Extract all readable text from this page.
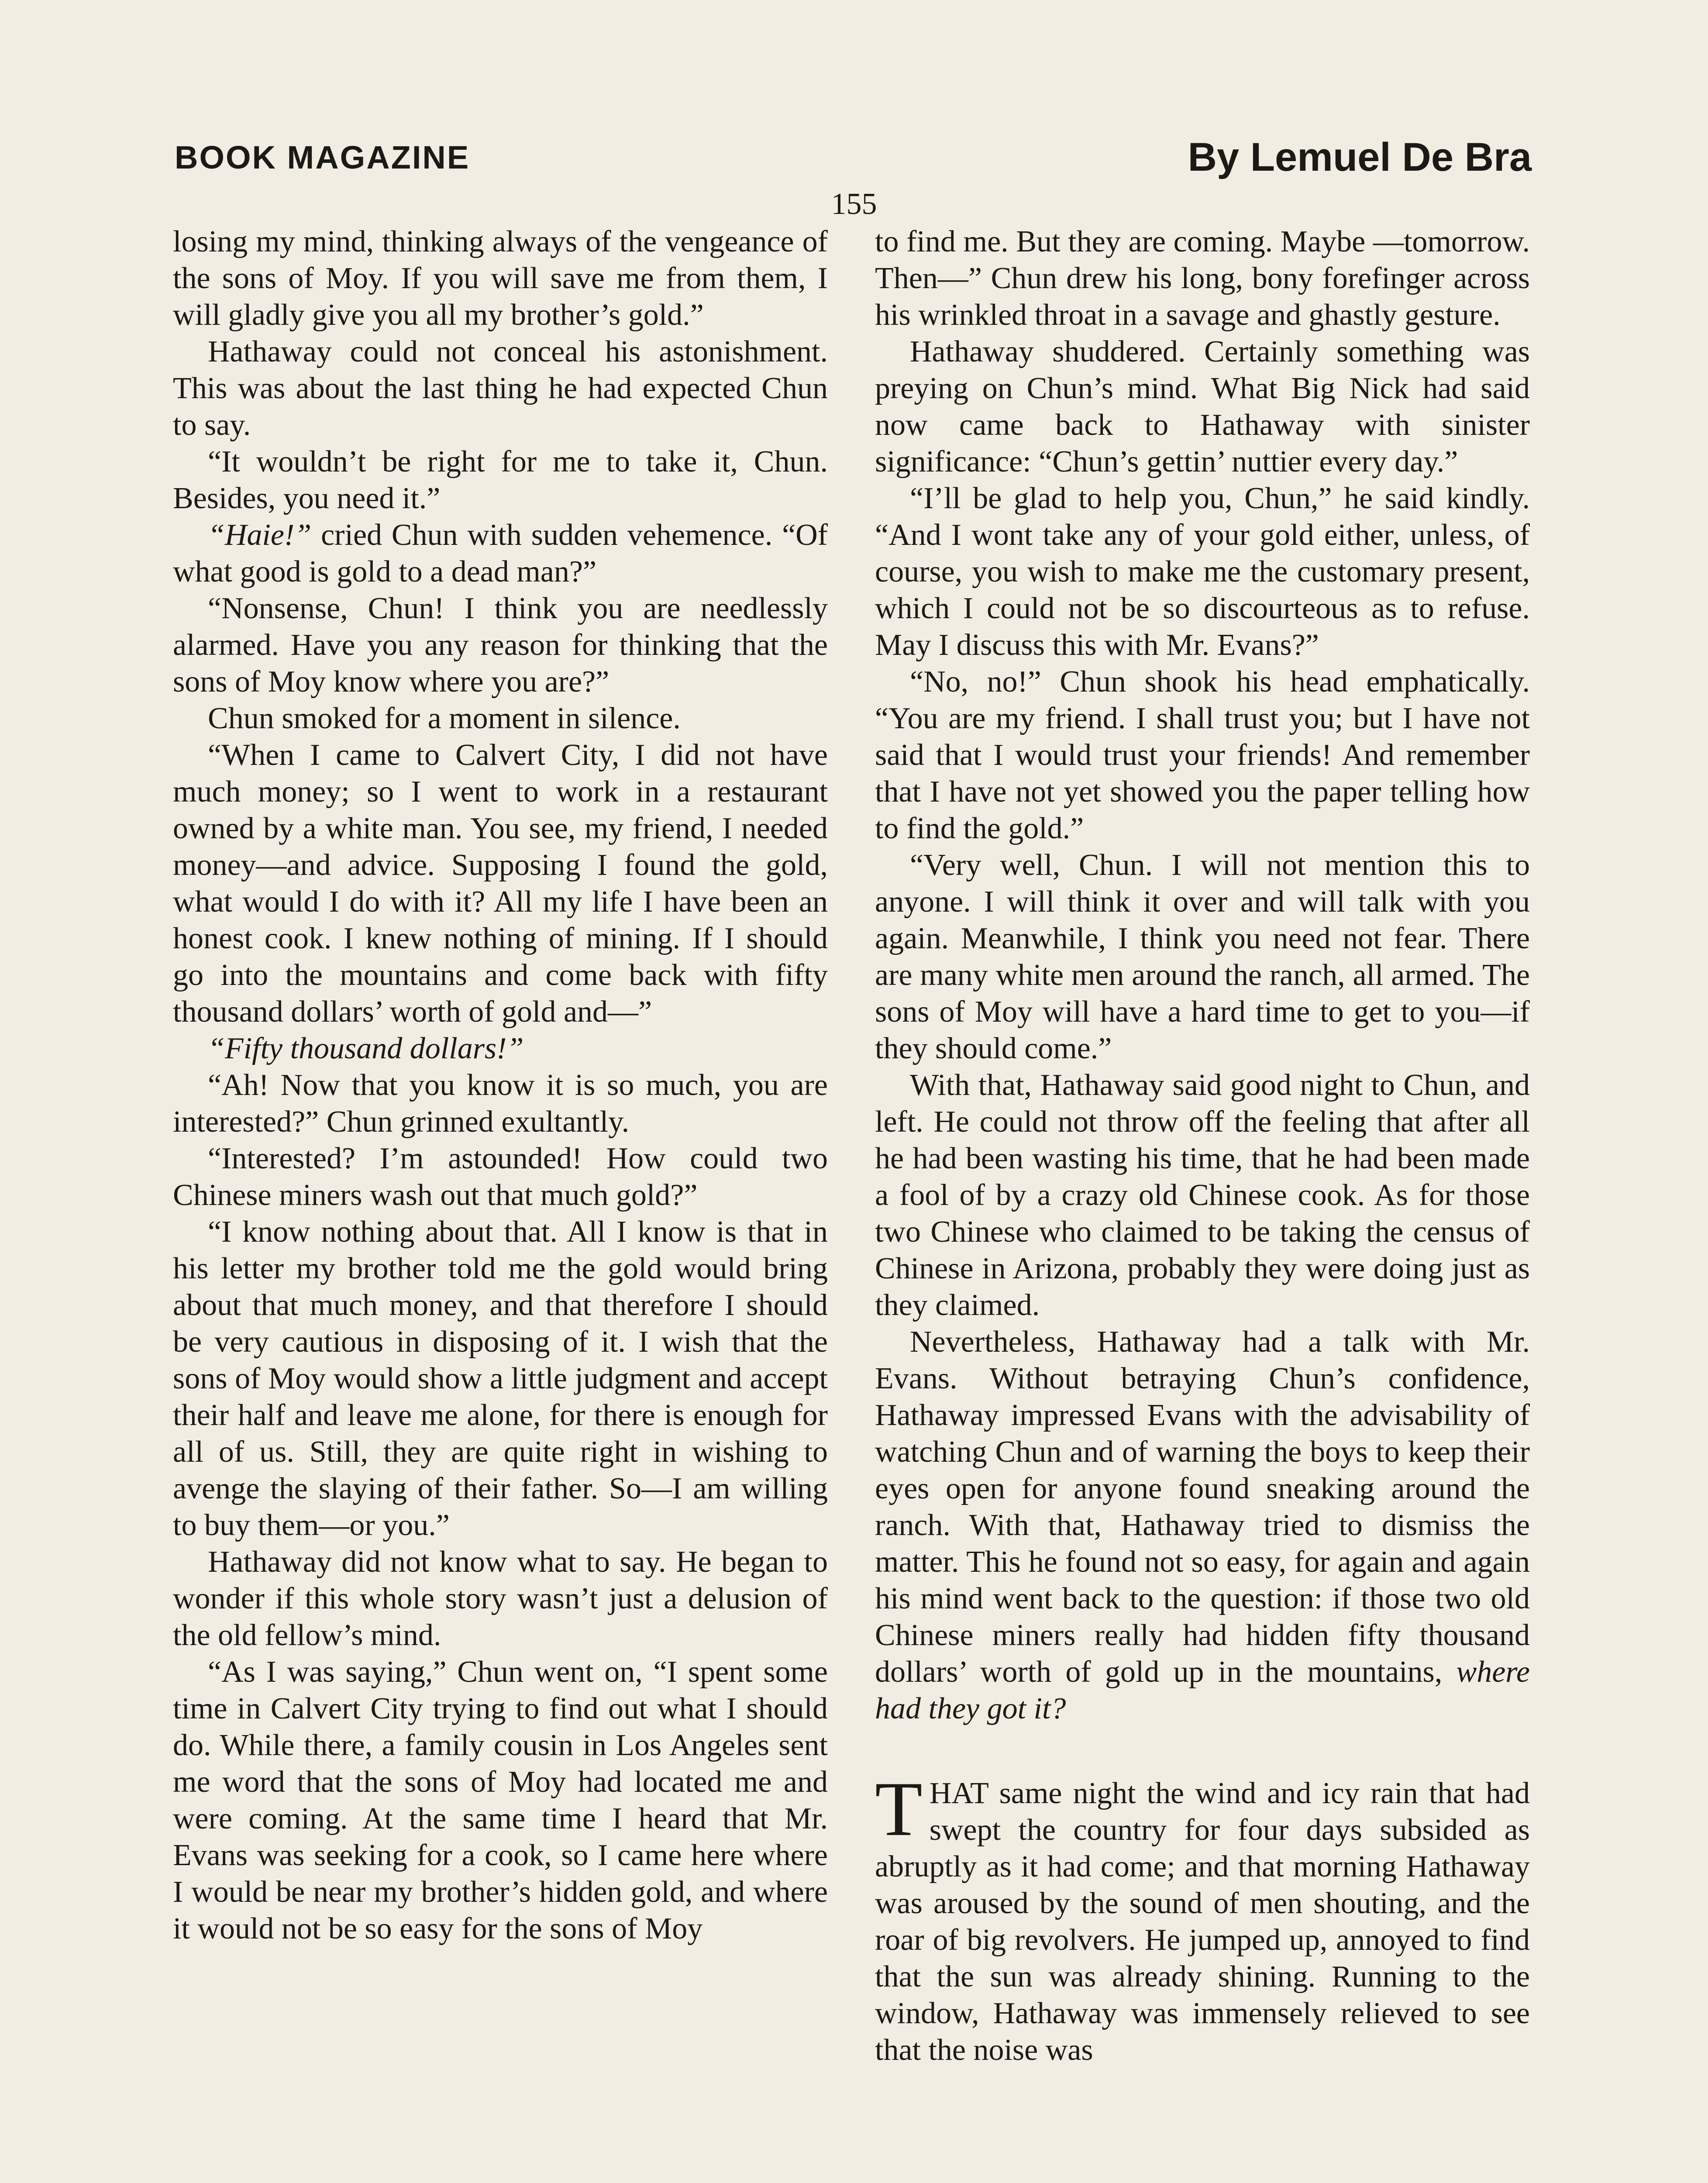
BOOK MAGAZINE	By Lemuel De Bra
155

losing my mind, thinking always of the vengeance of the sons of Moy. If you will save me from them, I will gladly give you all my brother’s gold.”

Hathaway could not conceal his astonishment. This was about the last thing he had expected Chun to say.

“It wouldn’t be right for me to take it, Chun. Besides, you need it.”

“Haie!” cried Chun with sudden vehemence. “Of what good is gold to a dead man?”

“Nonsense, Chun! I think you are needlessly alarmed. Have you any reason for thinking that the sons of Moy know where you are?”

Chun smoked for a moment in silence.

“When I came to Calvert City, I did not have much money; so I went to work in a restaurant owned by a white man. You see, my friend, I needed money—and advice. Supposing I found the gold, what would I do with it? All my life I have been an honest cook. I knew nothing of mining. If I should go into the mountains and come back with fifty thousand dollars’ worth of gold and—”

“Fifty thousand dollars!”

“Ah! Now that you know it is so much, you are interested?” Chun grinned exultantly.

“Interested? I’m astounded! How could two Chinese miners wash out that much gold?”

“I know nothing about that. All I know is that in his letter my brother told me the gold would bring about that much money, and that therefore I should be very cautious in disposing of it. I wish that the sons of Moy would show a little judgment and accept their half and leave me alone, for there is enough for all of us. Still, they are quite right in wishing to avenge the slaying of their father. So—I am willing to buy them—or you.”

Hathaway did not know what to say. He began to wonder if this whole story wasn’t just a delusion of the old fellow’s mind.

“As I was saying,” Chun went on, “I spent some time in Calvert City trying to find out what I should do. While there, a family cousin in Los Angeles sent me word that the sons of Moy had located me and were coming. At the same time I heard that Mr. Evans was seeking for a cook, so I came here where I would be near my brother’s hidden gold, and where it would not be so easy for the sons of Moy

to find me. But they are coming. Maybe —tomorrow. Then—” Chun drew his long, bony forefinger across his wrinkled throat in a savage and ghastly gesture.

Hathaway shuddered. Certainly something was preying on Chun’s mind. What Big Nick had said now came back to Hathaway with sinister significance: “Chun’s gettin’ nuttier every day.”

“I’ll be glad to help you, Chun,” he said kindly. “And I wont take any of your gold either, unless, of course, you wish to make me the customary present, which I could not be so discourteous as to refuse. May I discuss this with Mr. Evans?”

“No, no!” Chun shook his head emphatically. “You are my friend. I shall trust you; but I have not said that I would trust your friends! And remember that I have not yet showed you the paper telling how to find the gold.”

“Very well, Chun. I will not mention this to anyone. I will think it over and will talk with you again. Meanwhile, I think you need not fear. There are many white men around the ranch, all armed. The sons of Moy will have a hard time to get to you—if they should come.”

With that, Hathaway said good night to Chun, and left. He could not throw off the feeling that after all he had been wasting his time, that he had been made a fool of by a crazy old Chinese cook. As for those two Chinese who claimed to be taking the census of Chinese in Arizona, probably they were doing just as they claimed.

Nevertheless, Hathaway had a talk with Mr. Evans. Without betraying Chun’s confidence, Hathaway impressed Evans with the advisability of watching Chun and of warning the boys to keep their eyes open for anyone found sneaking around the ranch. With that, Hathaway tried to dismiss the matter. This he found not so easy, for again and again his mind went back to the question: if those two old Chinese miners really had hidden fifty thousand dollars’ worth of gold up in the mountains, where had they got it?

THAT same night the wind and icy rain that had swept the country for four days subsided as abruptly as it had come; and that morning Hathaway was aroused by the sound of men shouting, and the roar of big revolvers. He jumped up, annoyed to find that the sun was already shining. Running to the window, Hathaway was immensely relieved to see that the noise was
